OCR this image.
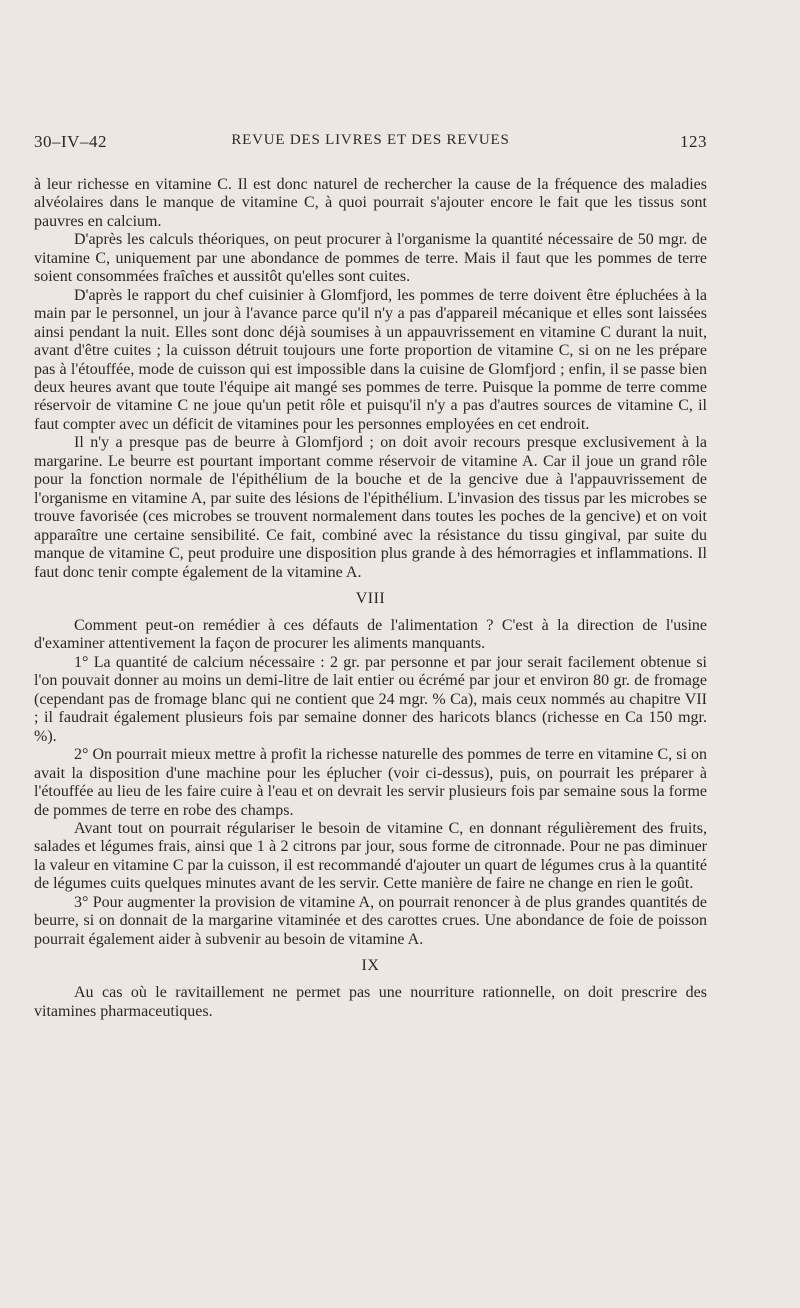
30–IV–42	REVUE DES LIVRES ET DES REVUES	123

à leur richesse en vitamine C. Il est donc naturel de rechercher la cause de la fréquence des maladies alvéolaires dans le manque de vitamine C, à quoi pourrait s'ajouter encore le fait que les tissus sont pauvres en calcium.

D'après les calculs théoriques, on peut procurer à l'organisme la quantité nécessaire de 50 mgr. de vitamine C, uniquement par une abondance de pommes de terre. Mais il faut que les pommes de terre soient consommées fraîches et aussitôt qu'elles sont cuites.

D'après le rapport du chef cuisinier à Glomfjord, les pommes de terre doivent être épluchées à la main par le personnel, un jour à l'avance parce qu'il n'y a pas d'appareil mécanique et elles sont laissées ainsi pendant la nuit. Elles sont donc déjà soumises à un appauvrissement en vitamine C durant la nuit, avant d'être cuites ; la cuisson détruit toujours une forte proportion de vitamine C, si on ne les prépare pas à l'étouffée, mode de cuisson qui est impossible dans la cuisine de Glomfjord ; enfin, il se passe bien deux heures avant que toute l'équipe ait mangé ses pommes de terre. Puisque la pomme de terre comme réservoir de vitamine C ne joue qu'un petit rôle et puisqu'il n'y a pas d'autres sources de vitamine C, il faut compter avec un déficit de vitamines pour les personnes employées en cet endroit.

Il n'y a presque pas de beurre à Glomfjord ; on doit avoir recours presque exclusivement à la margarine. Le beurre est pourtant important comme réservoir de vitamine A. Car il joue un grand rôle pour la fonction normale de l'épithélium de la bouche et de la gencive due à l'appauvrissement de l'organisme en vitamine A, par suite des lésions de l'épithélium. L'invasion des tissus par les microbes se trouve favorisée (ces microbes se trouvent normalement dans toutes les poches de la gencive) et on voit apparaître une certaine sensibilité. Ce fait, combiné avec la résistance du tissu gingival, par suite du manque de vitamine C, peut produire une disposition plus grande à des hémorragies et inflammations. Il faut donc tenir compte également de la vitamine A.

VIII

Comment peut-on remédier à ces défauts de l'alimentation ? C'est à la direction de l'usine d'examiner attentivement la façon de procurer les aliments manquants.

1° La quantité de calcium nécessaire : 2 gr. par personne et par jour serait facilement obtenue si l'on pouvait donner au moins un demi-litre de lait entier ou écrémé par jour et environ 80 gr. de fromage (cependant pas de fromage blanc qui ne contient que 24 mgr. % Ca), mais ceux nommés au chapitre VII ; il faudrait également plusieurs fois par semaine donner des haricots blancs (richesse en Ca 150 mgr. %).

2° On pourrait mieux mettre à profit la richesse naturelle des pommes de terre en vitamine C, si on avait la disposition d'une machine pour les éplucher (voir ci-dessus), puis, on pourrait les préparer à l'étouffée au lieu de les faire cuire à l'eau et on devrait les servir plusieurs fois par semaine sous la forme de pommes de terre en robe des champs.

Avant tout on pourrait régulariser le besoin de vitamine C, en donnant régulièrement des fruits, salades et légumes frais, ainsi que 1 à 2 citrons par jour, sous forme de citronnade. Pour ne pas diminuer la valeur en vitamine C par la cuisson, il est recommandé d'ajouter un quart de légumes crus à la quantité de légumes cuits quelques minutes avant de les servir. Cette manière de faire ne change en rien le goût.

3° Pour augmenter la provision de vitamine A, on pourrait renoncer à de plus grandes quantités de beurre, si on donnait de la margarine vitaminée et des carottes crues. Une abondance de foie de poisson pourrait également aider à subvenir au besoin de vitamine A.

IX

Au cas où le ravitaillement ne permet pas une nourriture rationnelle, on doit prescrire des vitamines pharmaceutiques.
